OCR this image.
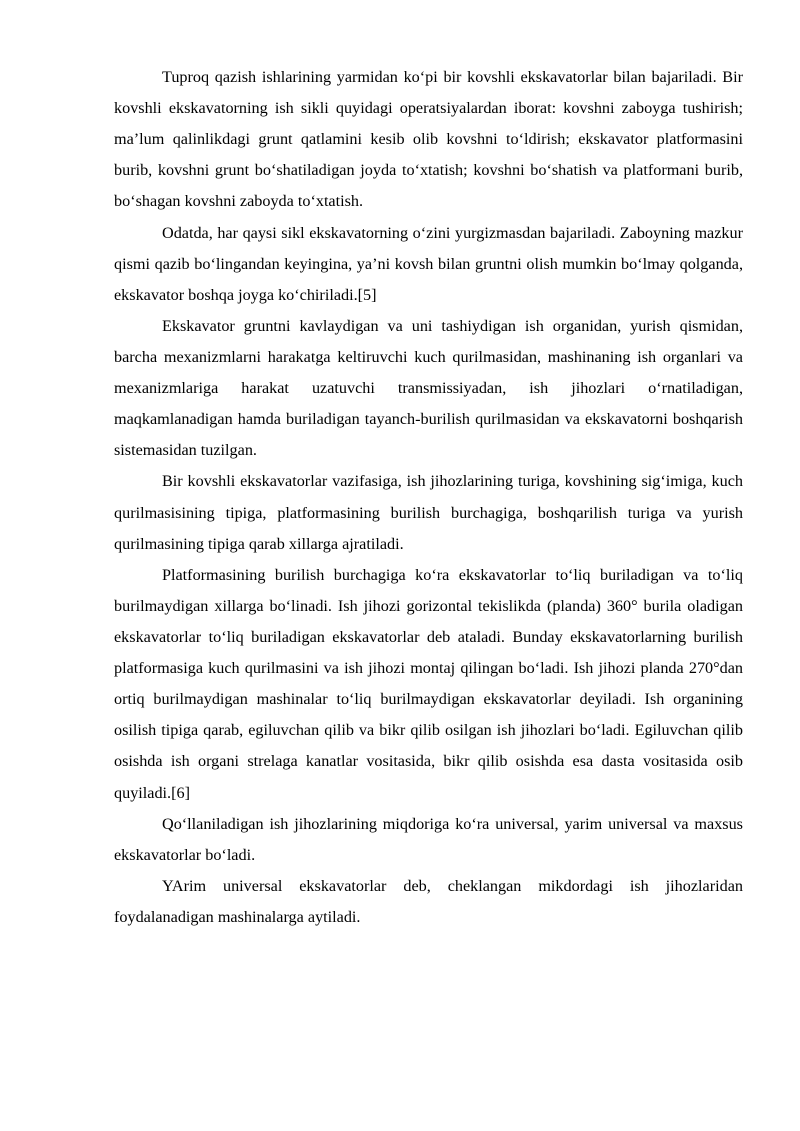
Tuproq qazish ishlarining yarmidan ko‘pi bir kovshli ekskavatorlar bilan bajariladi. Bir kovshli ekskavatorning ish sikli quyidagi operatsiyalardan iborat: kovshni zaboyga tushirish; ma’lum qalinlikdagi grunt qatlamini kesib olib kovshni to‘ldirish; ekskavator platformasini burib, kovshni grunt bo‘shatiladigan joyda to‘xtatish; kovshni bo‘shatish va platformani burib, bo‘shagan kovshni zaboyda to‘xtatish.

Odatda, har qaysi sikl ekskavatorning o‘zini yurgizmasdan bajariladi. Zaboyning mazkur qismi qazib bo‘lingandan keyingina, ya’ni kovsh bilan gruntni olish mumkin bo‘lmay qolganda, ekskavator boshqa joyga ko‘chiriladi.[5]

Ekskavator gruntni kavlaydigan va uni tashiydigan ish organidan, yurish qismidan, barcha mexanizmlarni harakatga keltiruvchi kuch qurilmasidan, mashinaning ish organlari va mexanizmlariga harakat uzatuvchi transmissiyadan, ish jihozlari o‘rnatiladigan, maqkamlanadigan hamda buriladigan tayanch-burilish qurilmasidan va ekskavatorni boshqarish sistemasidan tuzilgan.

Bir kovshli ekskavatorlar vazifasiga, ish jihozlarining turiga, kovshining sig‘imiga, kuch qurilmasisining tipiga, platformasining burilish burchagiga, boshqarilish turiga va yurish qurilmasining tipiga qarab xillarga ajratiladi.

Platformasining burilish burchagiga ko‘ra ekskavatorlar to‘liq buriladigan va to‘liq burilmaydigan xillarga bo‘linadi. Ish jihozi gorizontal tekislikda (planda) 360° burila oladigan ekskavatorlar to‘liq buriladigan ekskavatorlar deb ataladi. Bunday ekskavatorlarning burilish platformasiga kuch qurilmasini va ish jihozi montaj qilingan bo‘ladi. Ish jihozi planda 270°dan ortiq burilmaydigan mashinalar to‘liq burilmaydigan ekskavatorlar deyiladi. Ish organining osilish tipiga qarab, egiluvchan qilib va bikr qilib osilgan ish jihozlari bo‘ladi. Egiluvchan qilib osishda ish organi strelaga kanatlar vositasida, bikr qilib osishda esa dasta vositasida osib quyiladi.[6]

Qo‘llaniladigan ish jihozlarining miqdoriga ko‘ra universal, yarim universal va maxsus ekskavatorlar bo‘ladi.

YArim universal ekskavatorlar deb, cheklangan mikdordagi ish jihozlaridan foydalanadigan mashinalarga aytiladi.
